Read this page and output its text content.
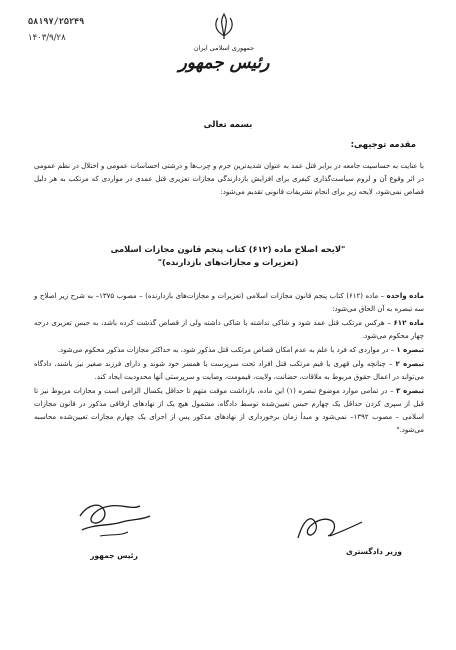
۵۸۱۹۷/۲۵۲۴۹
۱۴۰۳/۹/۲۸
جمهوری اسلامی ایران
رئیس جمهور
بسمه تعالی
مقدمه توجیهی:
با عنایت به حساسیت جامعه در برابر قتل عمد به عنوان شدیدترین جرم و چرب‌ها و درشتی احساسات عمومی و اختلال در نظم عمومی در اثر وقوع آن و لزوم سیاست‌گذاری کیفری برای افزایش بازدارندگی مجازات تعزیری قتل عمدی در مواردی که مرتکب به هر دلیل قصاص نمی‌شود، لایحه زیر برای انجام تشریفات قانونی تقدیم می‌شود:
"لایحه اصلاح ماده (۶۱۲) کتاب پنجم قانون مجازات اسلامی
(تعزیرات و مجازات‌های بازدارنده)"

ماده واحده – ماده (۶۱۲) کتاب پنجم قانون مجازات اسلامی (تعزیرات و مجازات‌های بازدارنده) – مصوب ۱۳۷۵– به شرح زیر اصلاح و سه تبصره به آن الحاق می‌شود:

ماده ۶۱۲ – هرکس مرتکب قتل عمد شود و شاکی نداشته یا شاکی داشته ولی از قصاص گذشت کرده باشد، به حبس تعزیری درجه چهار محکوم می‌شود.

تبصره ۱ – در مواردی که فرد با علم به عدم امکان قصاص مرتکب قتل مذکور شود، به حداکثر مجازات مذکور محکوم می‌شود.

تبصره ۲ – چنانچه ولی قهری یا قیم مرتکب قتل افراد تحت سرپرست یا همسر خود شوند و دارای فرزند صغیر نیز باشند، دادگاه می‌تواند در اعمال حقوق مربوط به ملاقات، حضانت، ولایت، قیمومت، وصایت و سرپرستی آنها محدودیت ایجاد کند.

تبصره ۳ – در تمامی موارد موضوع تبصره (۱) این ماده، بازداشت موقت متهم تا حداقل یکسال الزامی است و مجازات مربوط نیز تا قبل از سپری کردن حداقل یک چهارم حبس تعیین‌شده توسط دادگاه، مشمول هیچ یک از نهادهای ارفاقی مذکور در قانون مجازات اسلامی – مصوب ۱۳۹۲– نمی‌شود و مبدأ زمان برخورداری از نهادهای مذکور پس از اجرای یک چهارم مجازات تعیین‌شده محاسبه می‌شود."

رئیس جمهور	وزیر دادگستری
